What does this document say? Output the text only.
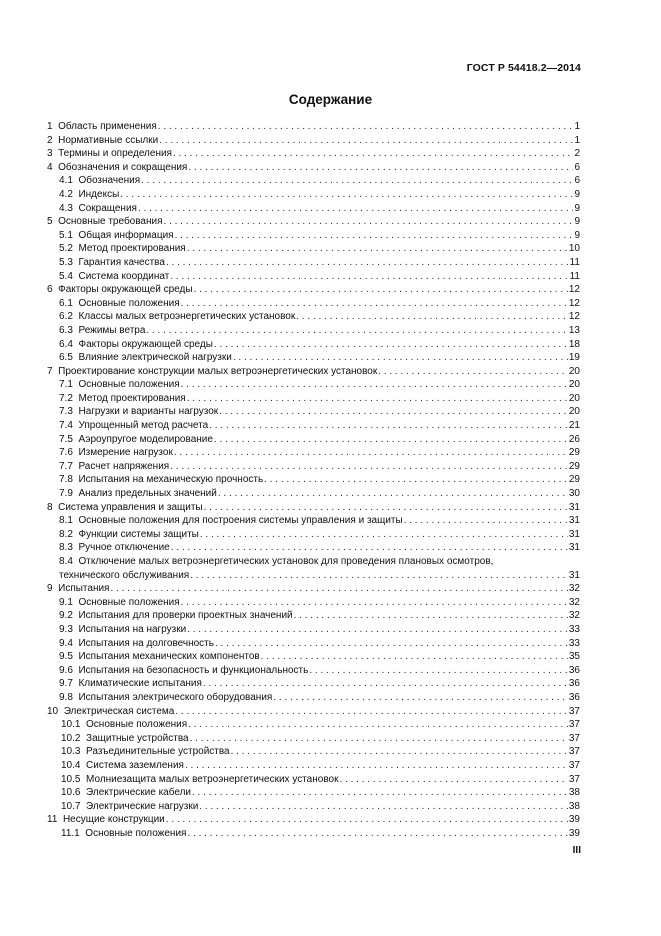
ГОСТ Р 54418.2—2014
Содержание
1 Область применения . . .	1
2 Нормативные ссылки . . .	1
3 Термины и определения . . .	2
4 Обозначения и сокращения . . .	6
4.1 Обозначения . . .	6
4.2 Индексы . . .	9
4.3 Сокращения . . .	9
5 Основные требования . . .	9
5.1 Общая информация . . .	9
5.2 Метод проектирования . . .	10
5.3 Гарантия качества . . .	11
5.4 Система координат . . .	11
6 Факторы окружающей среды . . .	12
6.1 Основные положения . . .	12
6.2 Классы малых ветроэнергетических установок . . .	12
6.3 Режимы ветра . . .	13
6.4 Факторы окружающей среды . . .	18
6.5 Влияние электрической нагрузки . . .	19
7 Проектирование конструкции малых ветроэнергетических установок . . .	20
7.1 Основные положения . . .	20
7.2 Метод проектирования . . .	20
7.3 Нагрузки и варианты нагрузок . . .	20
7.4 Упрощенный метод расчета . . .	21
7.5 Аэроупругое моделирование . . .	26
7.6 Измерение нагрузок . . .	29
7.7 Расчет напряжения . . .	29
7.8 Испытания на механическую прочность . . .	29
7.9 Анализ предельных значений . . .	30
8 Система управления и защиты . . .	31
8.1 Основные положения для построения системы управления и защиты . . .	31
8.2 Функции системы защиты . . .	31
8.3 Ручное отключение . . .	31
8.4 Отключение малых ветроэнергетических установок для проведения плановых осмотров,
технического обслуживания . . .	31
9 Испытания . . .	32
9.1 Основные положения . . .	32
9.2 Испытания для проверки проектных значений . . .	32
9.3 Испытания на нагрузки . . .	33
9.4 Испытания на долговечность . . .	33
9.5 Испытания механических компонентов . . .	35
9.6 Испытания на безопасность и функциональность . . .	36
9.7 Климатические испытания . . .	36
9.8 Испытания электрического оборудования . . .	36
10 Электрическая система . . .	37
10.1 Основные положения . . .	37
10.2 Защитные устройства . . .	37
10.3 Разъединительные устройства . . .	37
10.4 Система заземления . . .	37
10.5 Молниезащита малых ветроэнергетических установок . . .	37
10.6 Электрические кабели . . .	38
10.7 Электрические нагрузки . . .	38
11 Несущие конструкции . . .	39
11.1 Основные положения . . .	39
III
